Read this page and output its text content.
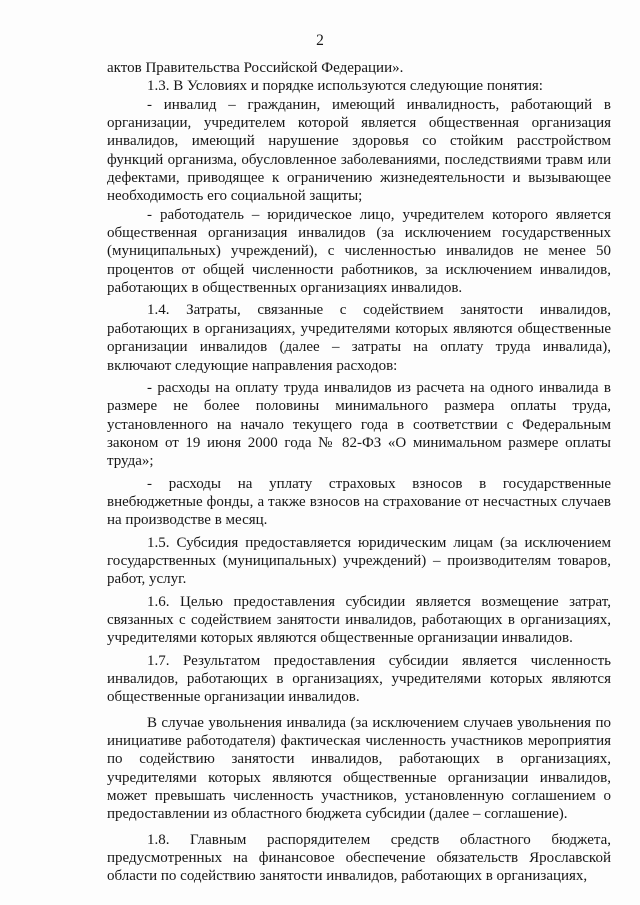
2

актов Правительства Российской Федерации».

1.3. В Условиях и порядке используются следующие понятия:

- инвалид – гражданин, имеющий инвалидность, работающий в организации, учредителем которой является общественная организация инвалидов, имеющий нарушение здоровья со стойким расстройством функций организма, обусловленное заболеваниями, последствиями травм или дефектами, приводящее к ограничению жизнедеятельности и вызывающее необходимость его социальной защиты;

- работодатель – юридическое лицо, учредителем которого является общественная организация инвалидов (за исключением государственных (муниципальных) учреждений), с численностью инвалидов не менее 50 процентов от общей численности работников, за исключением инвалидов, работающих в общественных организациях инвалидов.

1.4. Затраты, связанные с содействием занятости инвалидов, работающих в организациях, учредителями которых являются общественные организации инвалидов (далее – затраты на оплату труда инвалида), включают следующие направления расходов:

- расходы на оплату труда инвалидов из расчета на одного инвалида в размере не более половины минимального размера оплаты труда, установленного на начало текущего года в соответствии с Федеральным законом от 19 июня 2000 года № 82-ФЗ «О минимальном размере оплаты труда»;

- расходы на уплату страховых взносов в государственные внебюджетные фонды, а также взносов на страхование от несчастных случаев на производстве в месяц.

1.5. Субсидия предоставляется юридическим лицам (за исключением государственных (муниципальных) учреждений) – производителям товаров, работ, услуг.

1.6. Целью предоставления субсидии является возмещение затрат, связанных с содействием занятости инвалидов, работающих в организациях, учредителями которых являются общественные организации инвалидов.

1.7. Результатом предоставления субсидии является численность инвалидов, работающих в организациях, учредителями которых являются общественные организации инвалидов.

В случае увольнения инвалида (за исключением случаев увольнения по инициативе работодателя) фактическая численность участников мероприятия по содействию занятости инвалидов, работающих в организациях, учредителями которых являются общественные организации инвалидов, может превышать численность участников, установленную соглашением о предоставлении из областного бюджета субсидии (далее – соглашение).

1.8. Главным распорядителем средств областного бюджета, предусмотренных на финансовое обеспечение обязательств Ярославской области по содействию занятости инвалидов, работающих в организациях,
